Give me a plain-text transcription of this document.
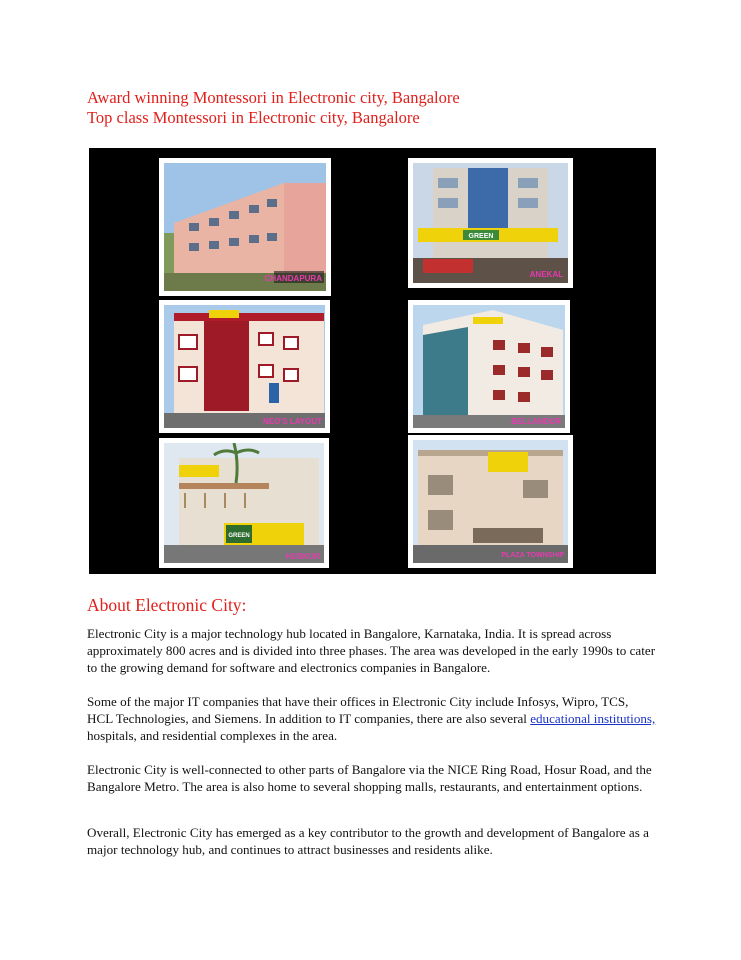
Award winning Montessori in Electronic city, Bangalore
Top class Montessori in Electronic city, Bangalore
CHANDAPURA
GREEN
ANEKAL
NEO'S LAYOUT	BELLANDUR
GREEN
HUSKUR	PLAZA TOWNSHIP
About Electronic City:

Electronic City is a major technology hub located in Bangalore, Karnataka, India. It is spread across approximately 800 acres and is divided into three phases. The area was developed in the early 1990s to cater to the growing demand for software and electronics companies in Bangalore.

Some of the major IT companies that have their offices in Electronic City include Infosys, Wipro, TCS, HCL Technologies, and Siemens. In addition to IT companies, there are also several educational institutions, hospitals, and residential complexes in the area.

Electronic City is well-connected to other parts of Bangalore via the NICE Ring Road, Hosur Road, and the Bangalore Metro. The area is also home to several shopping malls, restaurants, and entertainment options.

Overall, Electronic City has emerged as a key contributor to the growth and development of Bangalore as a major technology hub, and continues to attract businesses and residents alike.
